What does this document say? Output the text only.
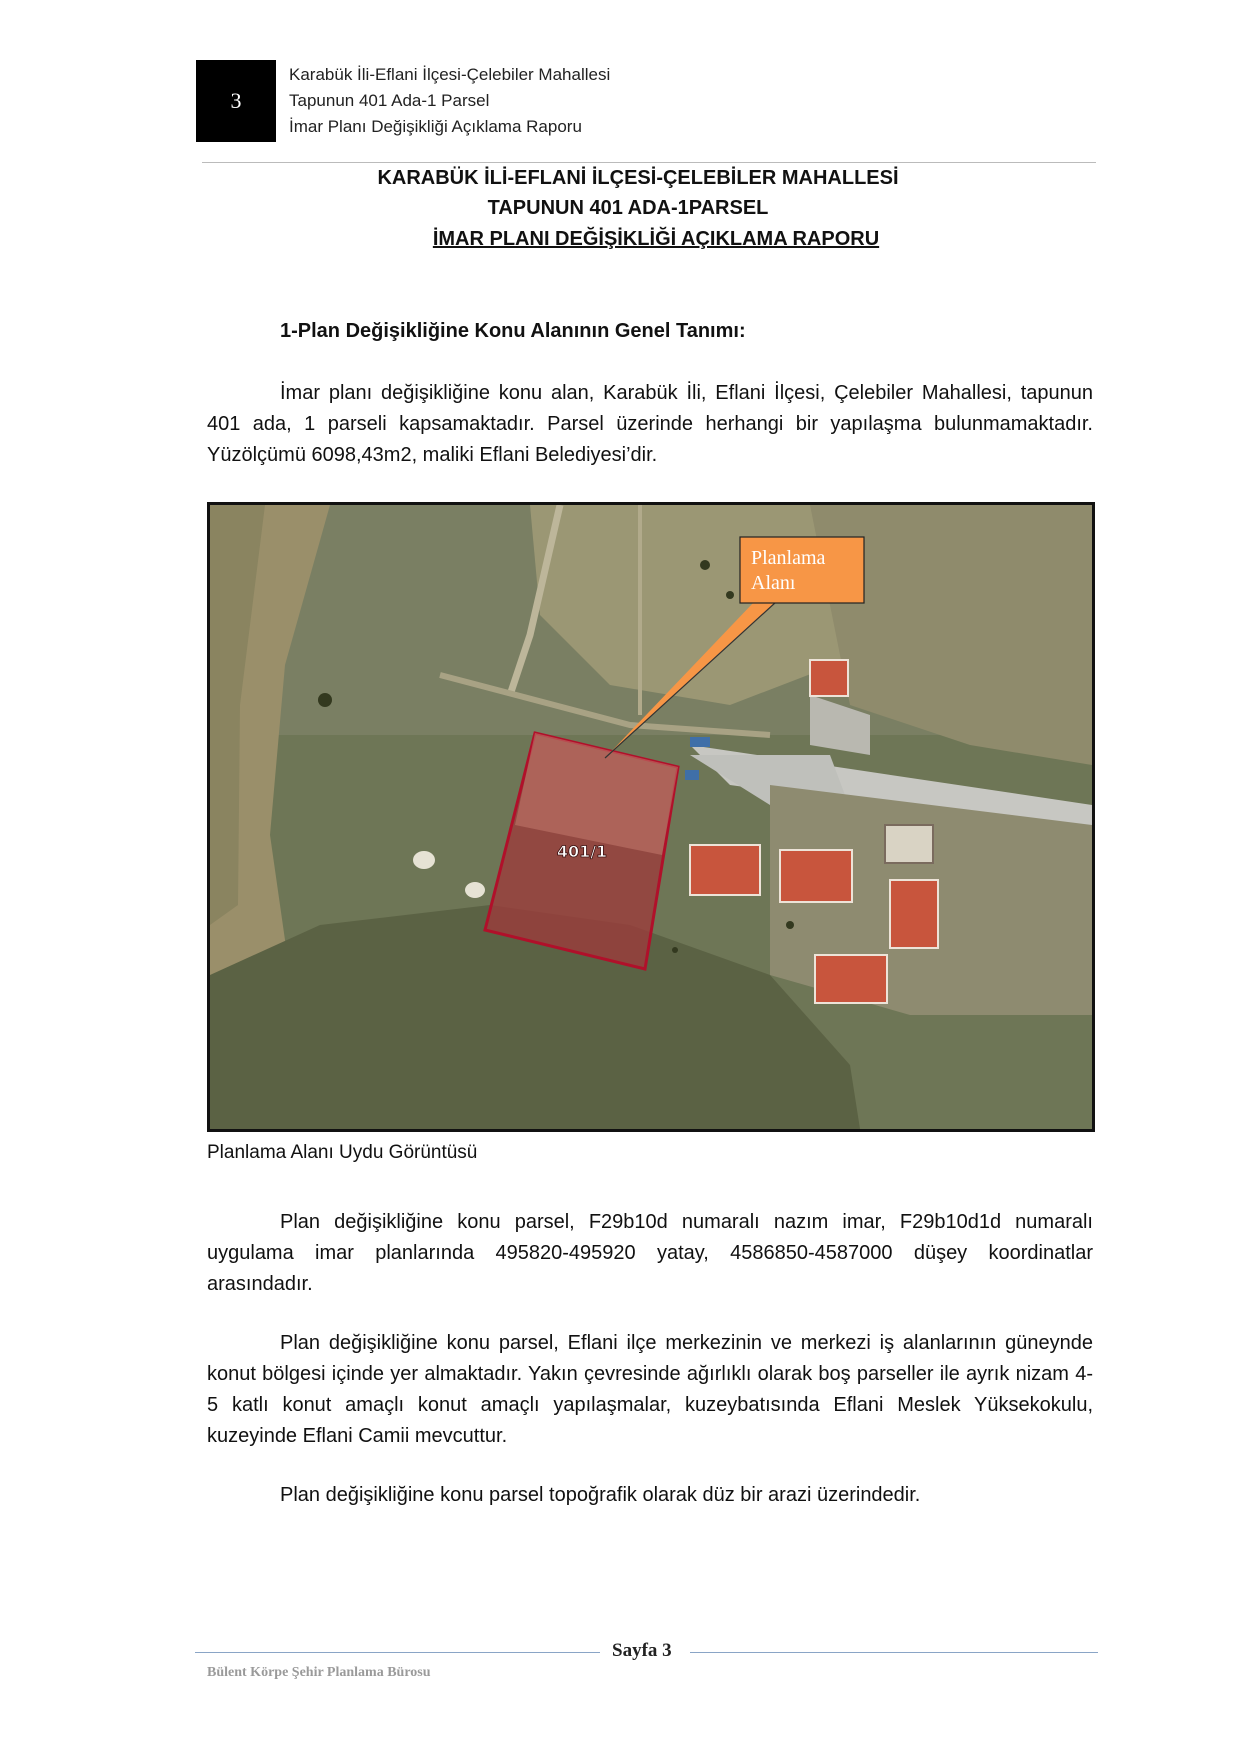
3
Karabük İli-Eflani İlçesi-Çelebiler Mahallesi
Tapunun 401 Ada-1 Parsel
İmar Planı Değişikliği Açıklama Raporu
KARABÜK İLİ-EFLANİ İLÇESİ-ÇELEBİLER MAHALLESİ
TAPUNUN 401 ADA-1PARSEL
İMAR PLANI DEĞİŞİKLİĞİ AÇIKLAMA RAPORU
1-Plan Değişikliğine Konu Alanının Genel Tanımı:

İmar planı değişikliğine konu alan, Karabük İli, Eflani İlçesi, Çelebiler Mahallesi, tapunun 401 ada, 1 parseli kapsamaktadır. Parsel üzerinde herhangi bir yapılaşma bulunmamaktadır. Yüzölçümü 6098,43m2, maliki Eflani Belediyesi’dir.

401/1
Planlama
Alanı
Planlama Alanı Uydu Görüntüsü

Plan değişikliğine konu parsel, F29b10d numaralı nazım imar, F29b10d1d numaralı uygulama imar planlarında 495820-495920 yatay, 4586850-4587000 düşey koordinatlar arasındadır.

Plan değişikliğine konu parsel, Eflani ilçe merkezinin ve merkezi iş alanlarının güneynde konut bölgesi içinde yer almaktadır. Yakın çevresinde ağırlıklı olarak boş parseller ile ayrık nizam 4-5 katlı konut amaçlı konut amaçlı yapılaşmalar, kuzeybatısında Eflani Meslek Yüksekokulu, kuzeyinde Eflani Camii mevcuttur.

Plan değişikliğine konu parsel topoğrafik olarak düz bir arazi üzerindedir.

Sayfa 3
Bülent Körpe Şehir Planlama Bürosu
